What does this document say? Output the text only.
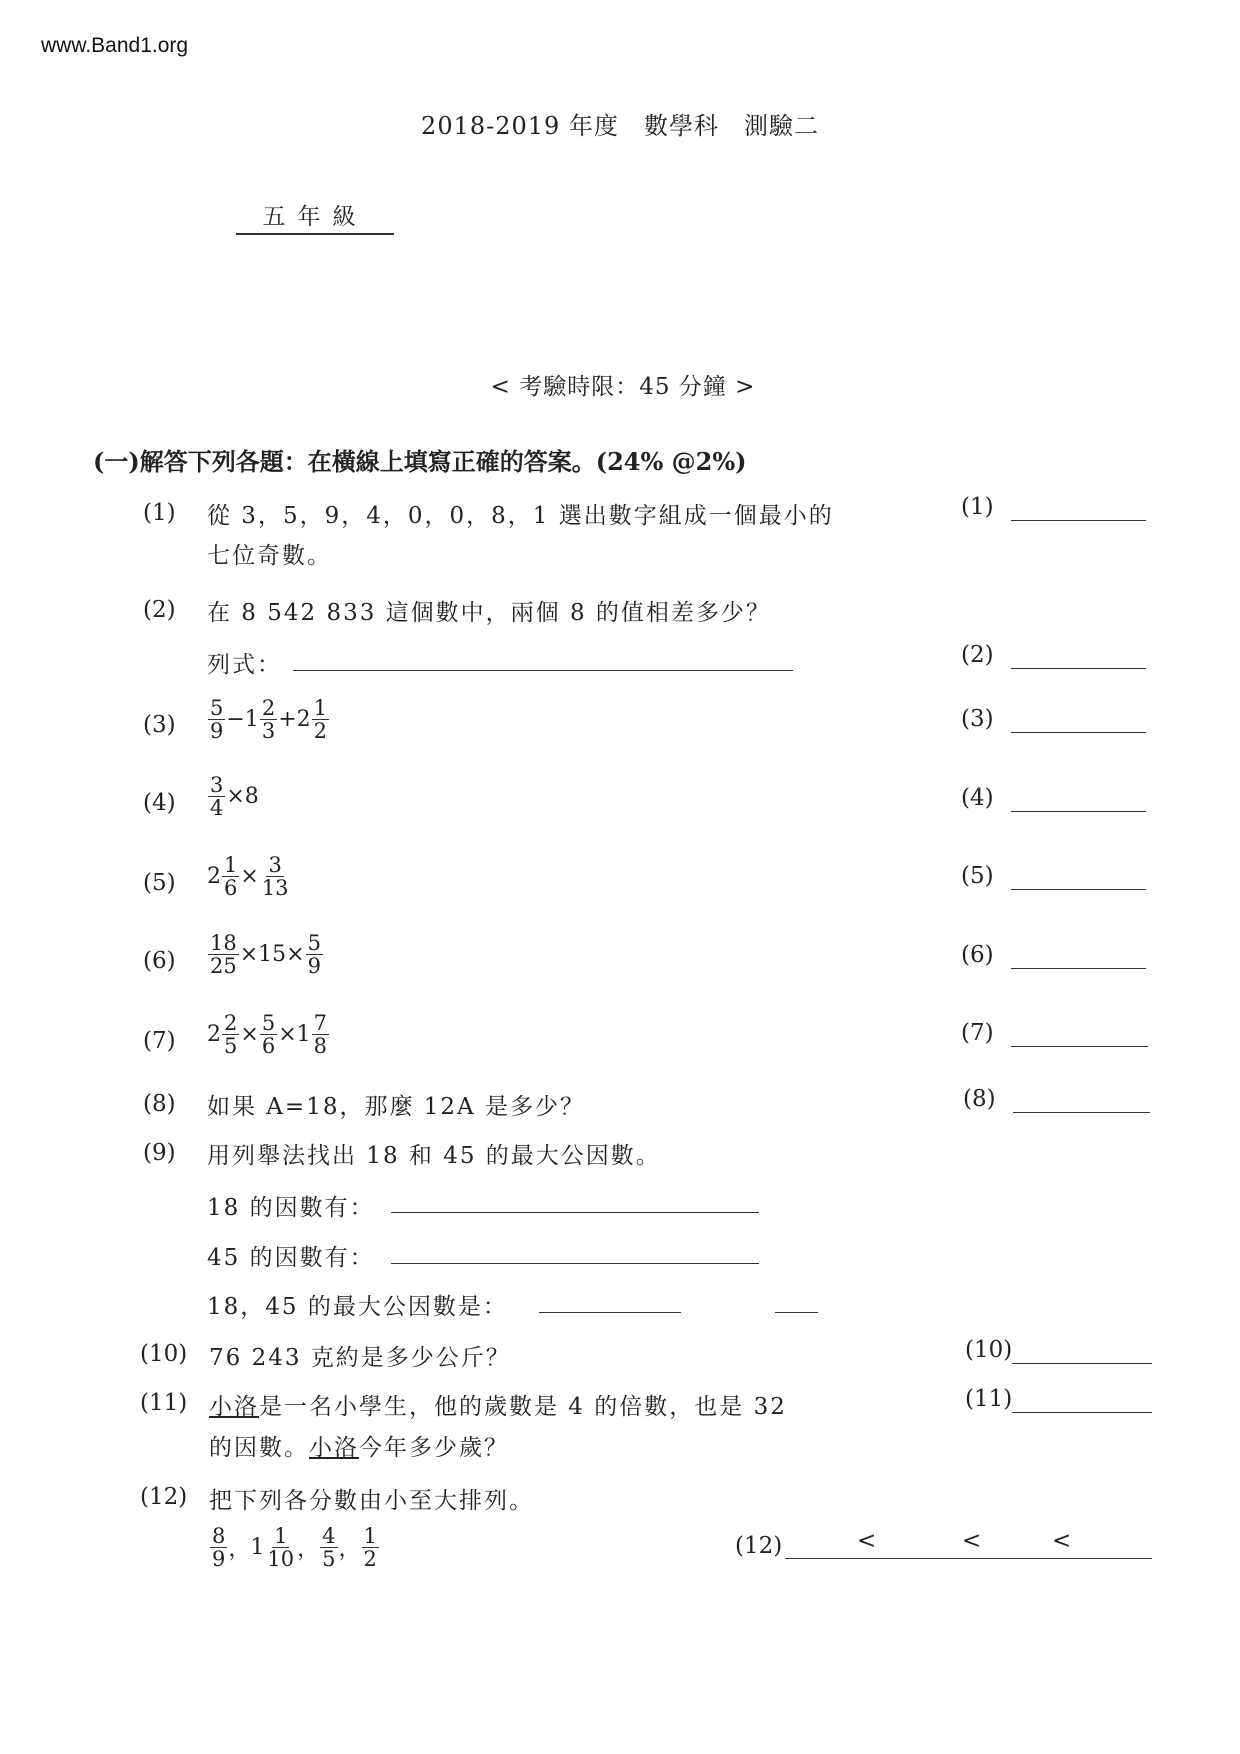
www.Band1.org
2018-2019 年度　數學科　測驗二
五年級
< 考驗時限：45 分鐘 >
(一)解答下列各題：在橫線上填寫正確的答案。(24% @2%)
(1) 從 3，5，9，4，0，0，8，1 選出數字組成一個最小的
七位奇數。
(1)
(2) 在 8 542 833 這個數中，兩個 8 的值相差多少？
列式：	(2)
$(3) \frac{5}{9} -1 \frac{2}{3} +2 \frac{1}{2}$	(3)
$(4) \frac{3}{4} \times 8$	(4)
(5) $2 \frac{1}{6} \times \frac{3}{13}$	(5)
$(6) \frac{18}{25} \times 15\times \frac{5}{9}$	(6)
(7) $2 \frac{2}{5} \times \frac{5}{6} \times 1 \frac{7}{8}$	(7)
(8) 如果 A=18，那麼 12A 是多少？	(8)
(9) 用列舉法找出 18 和 45 的最大公因數。
18 的因數有：
45 的因數有：
18，45 的最大公因數是：
(10) 76 243 克約是多少公斤？	(10)
(11) 小洛是一名小學生，他的歲數是 4 的倍數，也是 32
的因數。小洛今年多少歲？
(11)
(12) 把下列各分數由小至大排列。
$\frac{8}{9}$ ， $1 \frac{1}{10}$ ， $\frac{4}{5}$ ， $\frac{1}{2}$	(12)	<	<	<
